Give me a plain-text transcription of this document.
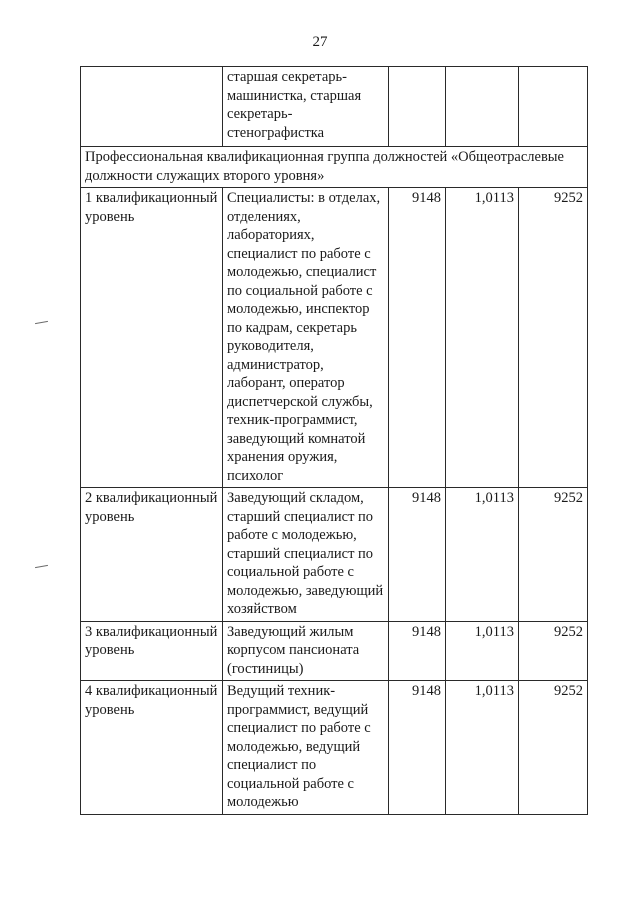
27
	старшая секретарь-машинистка, старшая секретарь-стенографистка			
Профессиональная квалификационная группа должностей «Общеотраслевые должности служащих второго уровня»				
1 квалификационный уровень	Специалисты: в отделах, отделениях, лабораториях, специалист по работе с молодежью, специалист по социальной работе с молодежью, инспектор по кадрам, секретарь руководителя, администратор, лаборант, оператор диспетчерской службы, техник-программист, заведующий комнатой хранения оружия, психолог	9148	1,0113	9252
2 квалификационный уровень	Заведующий складом, старший специалист по работе с молодежью, старший специалист по социальной работе с молодежью, заведующий хозяйством	9148	1,0113	9252
3 квалификационный уровень	Заведующий жилым корпусом пансионата (гостиницы)	9148	1,0113	9252
4 квалификационный уровень	Ведущий техник-программист, ведущий специалист по работе с молодежью, ведущий специалист по социальной работе с молодежью	9148	1,0113	9252
